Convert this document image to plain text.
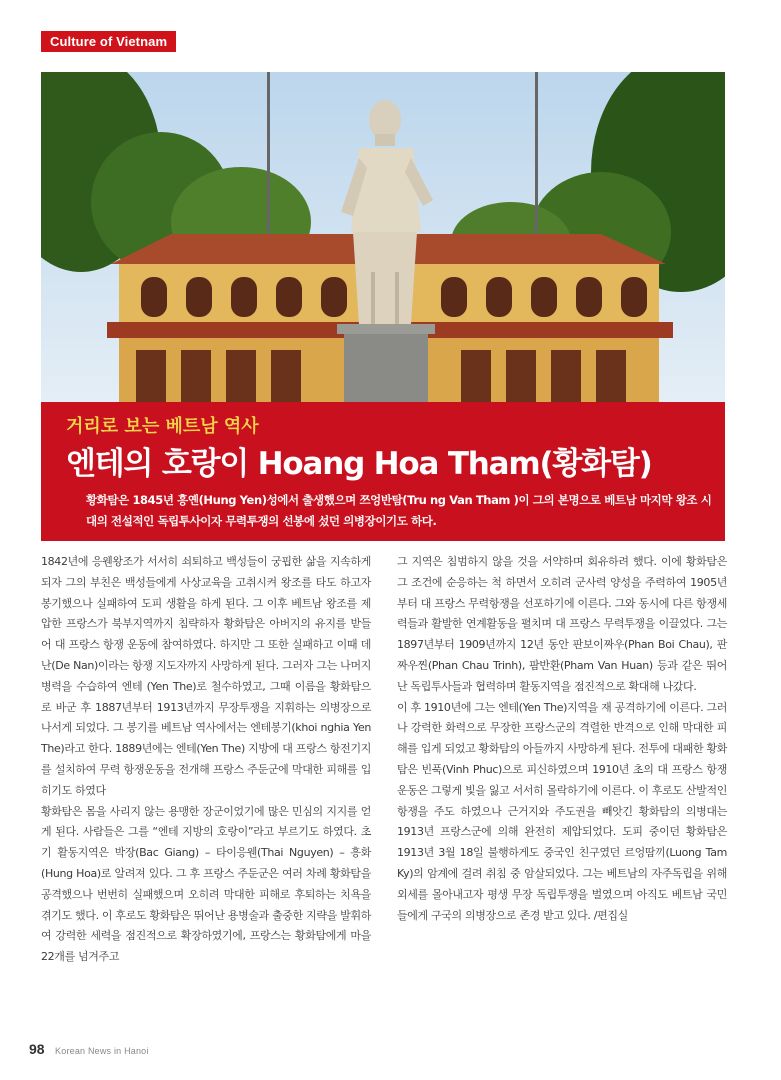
Culture of Vietnam
거리로 보는 베트남 역사
엔테의 호랑이 Hoang Hoa Tham(황화탐)
황화탐은 1845년 흥옌(Hung Yen)성에서 출생했으며 쯔엉반탐(Tru ng Van Tham )이 그의 본명으로 베트남 마지막 왕조 시대의 전설적인 독립투사이자 무력투쟁의 선봉에 섰던 의병장이기도 하다.

1842년에 응웬왕조가 서서히 쇠퇴하고 백성들이 궁핍한 삶을 지속하게 되자 그의 부친은 백성들에게 사상교육을 고취시켜 왕조를 타도 하고자 봉기했으나 실패하여 도피 생활을 하게 된다. 그 이후 베트남 왕조를 제압한 프랑스가 북부지역까지 침략하자 황화탐은 아버지의 유지를 받들어 대 프랑스 항쟁 운동에 참여하였다. 하지만 그 또한 실패하고 이때 데난(De Nan)이라는 항쟁 지도자까지 사망하게 된다. 그러자 그는 나머지 병력을 수습하여 엔테 (Yen The)로 철수하였고, 그때 이름을 황화탐으로 바군 후 1887년부터 1913년까지 무장투쟁을 지휘하는 의병장으로 나서게 되었다. 그 봉기를 베트남 역사에서는 엔테봉기(khoi nghia Yen The)라고 한다. 1889년에는 엔테(Yen The) 지방에 대 프랑스 항전기지를 설치하여 무력 항쟁운동을 전개해 프랑스 주둔군에 막대한 피해를 입히기도 하였다

황화탐은 몸을 사리지 않는 용맹한 장군이었기에 많은 민심의 지지를 얻게 된다. 사람들은 그를 “엔테 지방의 호랑이”라고 부르기도 하였다. 초기 활동지역은 박장(Bac Giang) – 타이응웬(Thai Nguyen) – 흥화(Hung Hoa)로 알려져 있다. 그 후 프랑스 주둔군은 여러 차례 황화탐을 공격했으나 번번히 실패했으며 오히려 막대한 피해로 후퇴하는 치욕을 겪기도 했다. 이 후로도 황화탐은 뛰어난 용병술과 출중한 지략을 발휘하여 강력한 세력을 점진적으로 확장하였기에, 프랑스는 황화탐에게 마을 22개를 넘겨주고

그 지역은 침범하지 않을 것을 서약하며 회유하려 했다. 이에 황화탐은 그 조건에 순응하는 척 하면서 오히려 군사력 양성을 주력하여 1905년부터 대 프랑스 무력항쟁을 선포하기에 이른다. 그와 동시에 다른 항쟁세력들과 활발한 연계활동을 펼치며 대 프랑스 무력투쟁을 이끌었다. 그는 1897년부터 1909년까지 12년 동안 판보이짜우(Phan Boi Chau), 판짜우찐(Phan Chau Trinh), 팜반환(Pham Van Huan) 등과 같은 뛰어난 독립투사들과 협력하며 활동지역을 점진적으로 확대해 나갔다.

이 후 1910년에 그는 엔테(Yen The)지역을 재 공격하기에 이른다. 그러나 강력한 화력으로 무장한 프랑스군의 격렬한 반격으로 인해 막대한 피해를 입게 되었고 황화탐의 아들까지 사망하게 된다. 전투에 대패한 황화탐은 빈푹(Vinh Phuc)으로 피신하였으며 1910년 초의 대 프랑스 항쟁 운동은 그렇게 빛을 잃고 서서히 몰락하기에 이른다. 이 후로도 산발적인 항쟁을 주도 하였으나 근거지와 주도권을 빼앗긴 황화탐의 의병대는 1913년 프랑스군에 의해 완전히 제압되었다. 도피 중이던 황화탐은 1913년 3월 18일 불행하게도 중국인 친구였던 르엉땀끼(Luong Tam Ky)의 암계에 걸려 취침 중 암살되었다. 그는 베트남의 자주독립을 위해 외세를 몰아내고자 평생 무장 독립투쟁을 벌였으며 아직도 베트남 국민들에게 구국의 의병장으로 존경 받고 있다. /편집실

98 Korean News in Hanoi
